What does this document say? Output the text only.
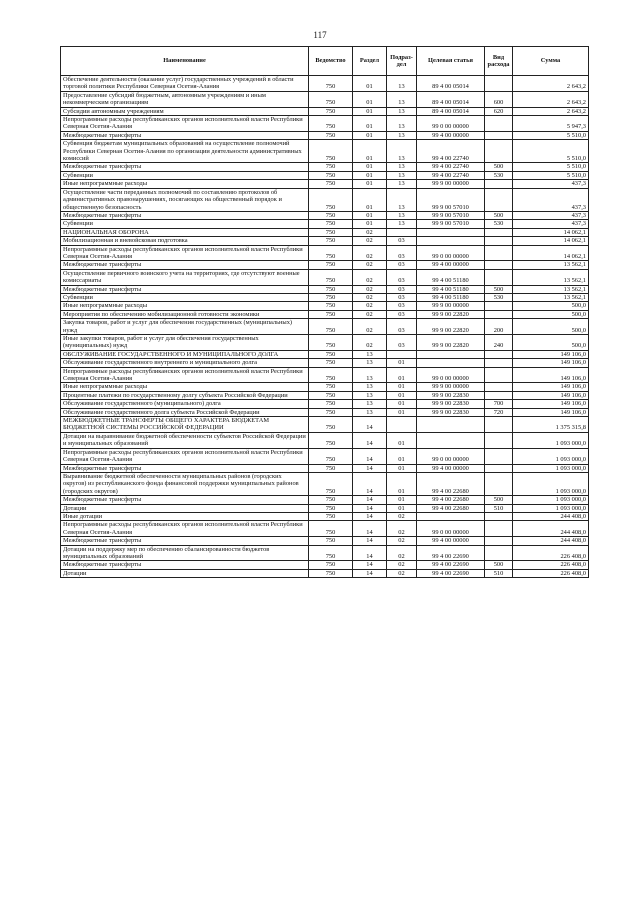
117
Наименование	Ведомство	Раздел	Подраз-дел	Целевая статья	Вид расхода	Сумма
Обеспечение деятельности (оказание услуг) государственных учреждений в области торговой политики Республики Северная Осетия-Алания	750	01	13	89 4 00 05014		2 643,2
Предоставление субсидий бюджетным, автономным учреждениям и иным некоммерческим организациям	750	01	13	89 4 00 05014	600	2 643,2
Субсидии автономным учреждениям	750	01	13	89 4 00 05014	620	2 643,2
Непрограммные расходы республиканских органов исполнительной власти Республики Северная Осетия-Алания	750	01	13	99 0 00 00000		5 947,3
Межбюджетные трансферты	750	01	13	99 4 00 00000		5 510,0
Субвенция бюджетам муниципальных образований на осуществление полномочий Республики Северная Осетия-Алания по организации деятельности административных комиссий	750	01	13	99 4 00 22740		5 510,0
Межбюджетные трансферты	750	01	13	99 4 00 22740	500	5 510,0
Субвенции	750	01	13	99 4 00 22740	530	5 510,0
Иные непрограммные расходы	750	01	13	99 9 00 00000		437,3
Осуществление части переданных полномочий по составлению протоколов об административных правонарушениях, посягающих на общественный порядок и общественную безопасность	750	01	13	99 9 00 57010		437,3
Межбюджетные трансферты	750	01	13	99 9 00 57010	500	437,3
Субвенции	750	01	13	99 9 00 57010	530	437,3
НАЦИОНАЛЬНАЯ ОБОРОНА	750	02				14 062,1
Мобилизационная и вневойсковая подготовка	750	02	03			14 062,1
Непрограммные расходы республиканских органов исполнительной власти Республики Северная Осетия-Алания	750	02	03	99 0 00 00000		14 062,1
Межбюджетные трансферты	750	02	03	99 4 00 00000		13 562,1
Осуществление первичного воинского учета на территориях, где отсутствуют военные комиссариаты	750	02	03	99 4 00 51180		13 562,1
Межбюджетные трансферты	750	02	03	99 4 00 51180	500	13 562,1
Субвенции	750	02	03	99 4 00 51180	530	13 562,1
Иные непрограммные расходы	750	02	03	99 9 00 00000		500,0
Мероприятия по обеспечению мобилизационной готовности экономики	750	02	03	99 9 00 22820		500,0
Закупка товаров, работ и услуг для обеспечения государственных (муниципальных) нужд	750	02	03	99 9 00 22820	200	500,0
Иные закупки товаров, работ и услуг для обеспечения государственных (муниципальных) нужд	750	02	03	99 9 00 22820	240	500,0
ОБСЛУЖИВАНИЕ ГОСУДАРСТВЕННОГО И МУНИЦИПАЛЬНОГО ДОЛГА	750	13				149 106,0
Обслуживание государственного внутреннего и муниципального долга	750	13	01			149 106,0
Непрограммные расходы республиканских органов исполнительной власти Республики Северная Осетия-Алания	750	13	01	99 0 00 00000		149 106,0
Иные непрограммные расходы	750	13	01	99 9 00 00000		149 106,0
Процентные платежи по государственному долгу субъекта Российской Федерации	750	13	01	99 9 00 22830		149 106,0
Обслуживание государственного (муниципального) долга	750	13	01	99 9 00 22830	700	149 106,0
Обслуживание государственного долга субъекта Российской Федерации	750	13	01	99 9 00 22830	720	149 106,0
МЕЖБЮДЖЕТНЫЕ ТРАНСФЕРТЫ ОБЩЕГО ХАРАКТЕРА БЮДЖЕТАМ БЮДЖЕТНОЙ СИСТЕМЫ РОССИЙСКОЙ ФЕДЕРАЦИИ	750	14				1 375 315,8
Дотации на выравнивание бюджетной обеспеченности субъектов Российской Федерации и муниципальных образований	750	14	01			1 093 000,0
Непрограммные расходы республиканских органов исполнительной власти Республики Северная Осетия-Алания	750	14	01	99 0 00 00000		1 093 000,0
Межбюджетные трансферты	750	14	01	99 4 00 00000		1 093 000,0
Выравнивание бюджетной обеспеченности муниципальных районов (городских округов) из республиканского фонда финансовой поддержки муниципальных районов (городских округов)	750	14	01	99 4 00 22680		1 093 000,0
Межбюджетные трансферты	750	14	01	99 4 00 22680	500	1 093 000,0
Дотации	750	14	01	99 4 00 22680	510	1 093 000,0
Иные дотации	750	14	02			244 408,0
Непрограммные расходы республиканских органов исполнительной власти Республики Северная Осетия-Алания	750	14	02	99 0 00 00000		244 408,0
Межбюджетные трансферты	750	14	02	99 4 00 00000		244 408,0
Дотации на поддержку мер по обеспечению сбалансированности бюджетов муниципальных образований	750	14	02	99 4 00 22690		226 408,0
Межбюджетные трансферты	750	14	02	99 4 00 22690	500	226 408,0
Дотации	750	14	02	99 4 00 22690	510	226 408,0
